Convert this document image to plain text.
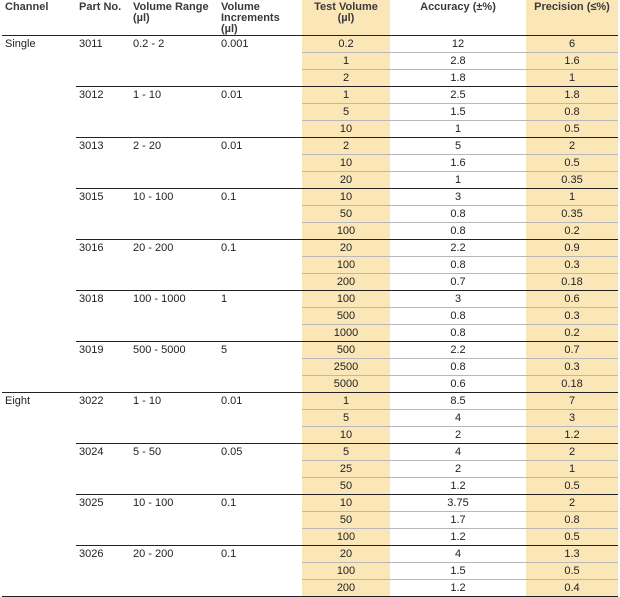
Channel	Part No.	Volume Range (µl)	Volume Increments (µl)	Test Volume (µl)	Accuracy (±%)	Precision (≤%)
Single	3011	0.2 - 2	0.001	0.2	12	6
				1	2.8	1.6
				2	1.8	1
	3012	1 - 10	0.01	1	2.5	1.8
				5	1.5	0.8
				10	1	0.5
	3013	2 - 20	0.01	2	5	2
				10	1.6	0.5
				20	1	0.35
	3015	10 - 100	0.1	10	3	1
				50	0.8	0.35
				100	0.8	0.2
	3016	20 - 200	0.1	20	2.2	0.9
				100	0.8	0.3
				200	0.7	0.18
	3018	100 - 1000	1	100	3	0.6
				500	0.8	0.3
				1000	0.8	0.2
	3019	500 - 5000	5	500	2.2	0.7
				2500	0.8	0.3
				5000	0.6	0.18
Eight	3022	1 - 10	0.01	1	8.5	7
				5	4	3
				10	2	1.2
	3024	5 - 50	0.05	5	4	2
				25	2	1
				50	1.2	0.5
	3025	10 - 100	0.1	10	3.75	2
				50	1.7	0.8
				100	1.2	0.5
	3026	20 - 200	0.1	20	4	1.3
				100	1.5	0.5
				200	1.2	0.4
